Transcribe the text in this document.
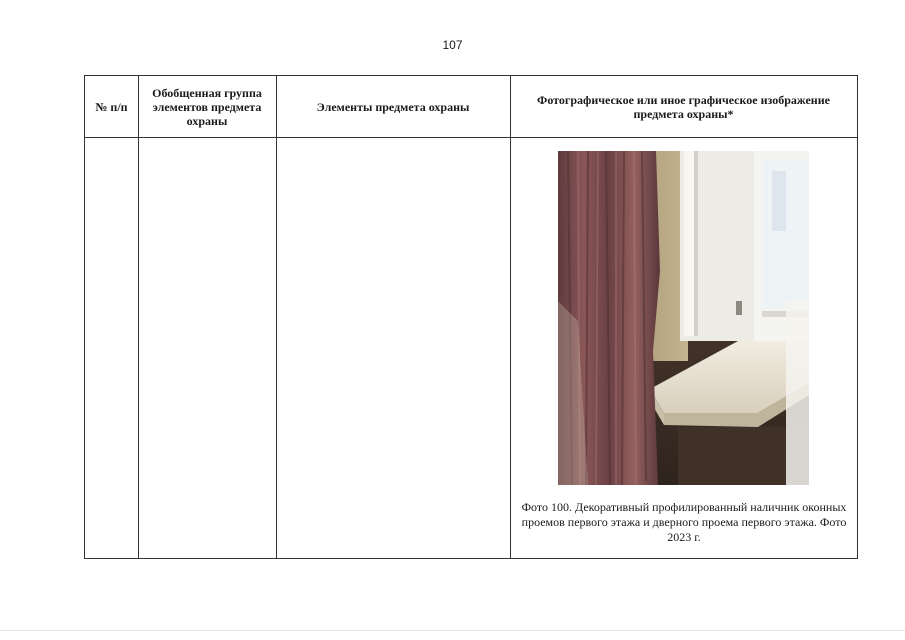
107
№ п/п
Обобщенная группа элементов предмета охраны
Элементы предмета охраны	Фотографическое или иное графическое изображение предмета охраны*
Фото 100. Декоративный профилированный наличник оконных проемов первого этажа и дверного проема первого этажа. Фото 2023 г.
